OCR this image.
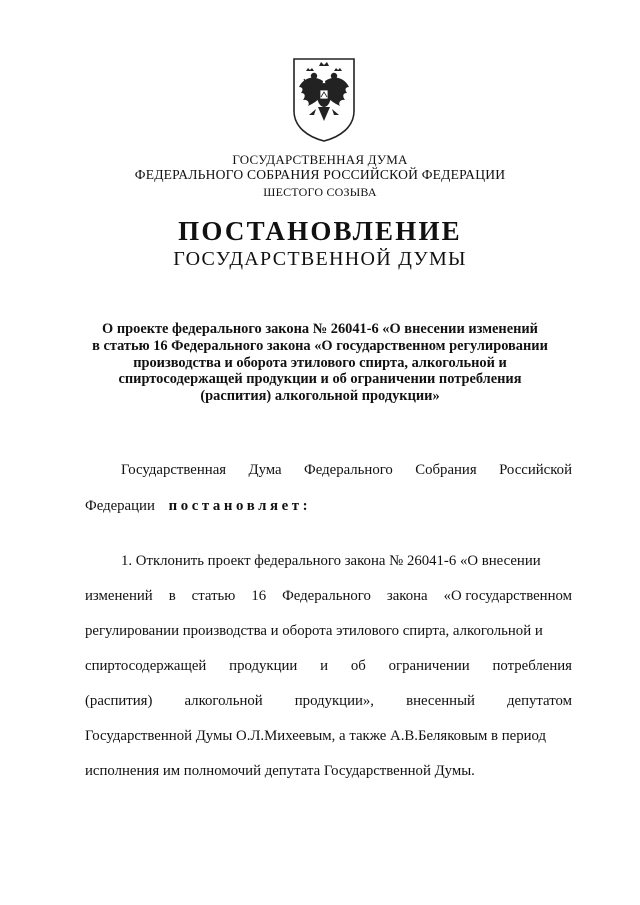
ГОСУДАРСТВЕННАЯ ДУМА
ФЕДЕРАЛЬНОГО СОБРАНИЯ РОССИЙСКОЙ ФЕДЕРАЦИИ
ШЕСТОГО СОЗЫВА
ПОСТАНОВЛЕНИЕ
ГОСУДАРСТВЕННОЙ ДУМЫ
О проекте федерального закона № 26041-6 «О внесении изменений
в статью 16 Федерального закона «О государственном регулировании
производства и оборота этилового спирта, алкогольной и
спиртосодержащей продукции и об ограничении потребления
(распития) алкогольной продукции»
Государственная Дума Федерального Собрания Российской
Федерации постановляет:
1. Отклонить проект федерального закона № 26041-6 «О внесении
изменений в статью 16 Федерального закона «О государственном
регулировании производства и оборота этилового спирта, алкогольной и
спиртосодержащей продукции и об ограничении потребления
(распития) алкогольной продукции», внесенный депутатом
Государственной Думы О.Л.Михеевым, а также А.В.Беляковым в период
исполнения им полномочий депутата Государственной Думы.
